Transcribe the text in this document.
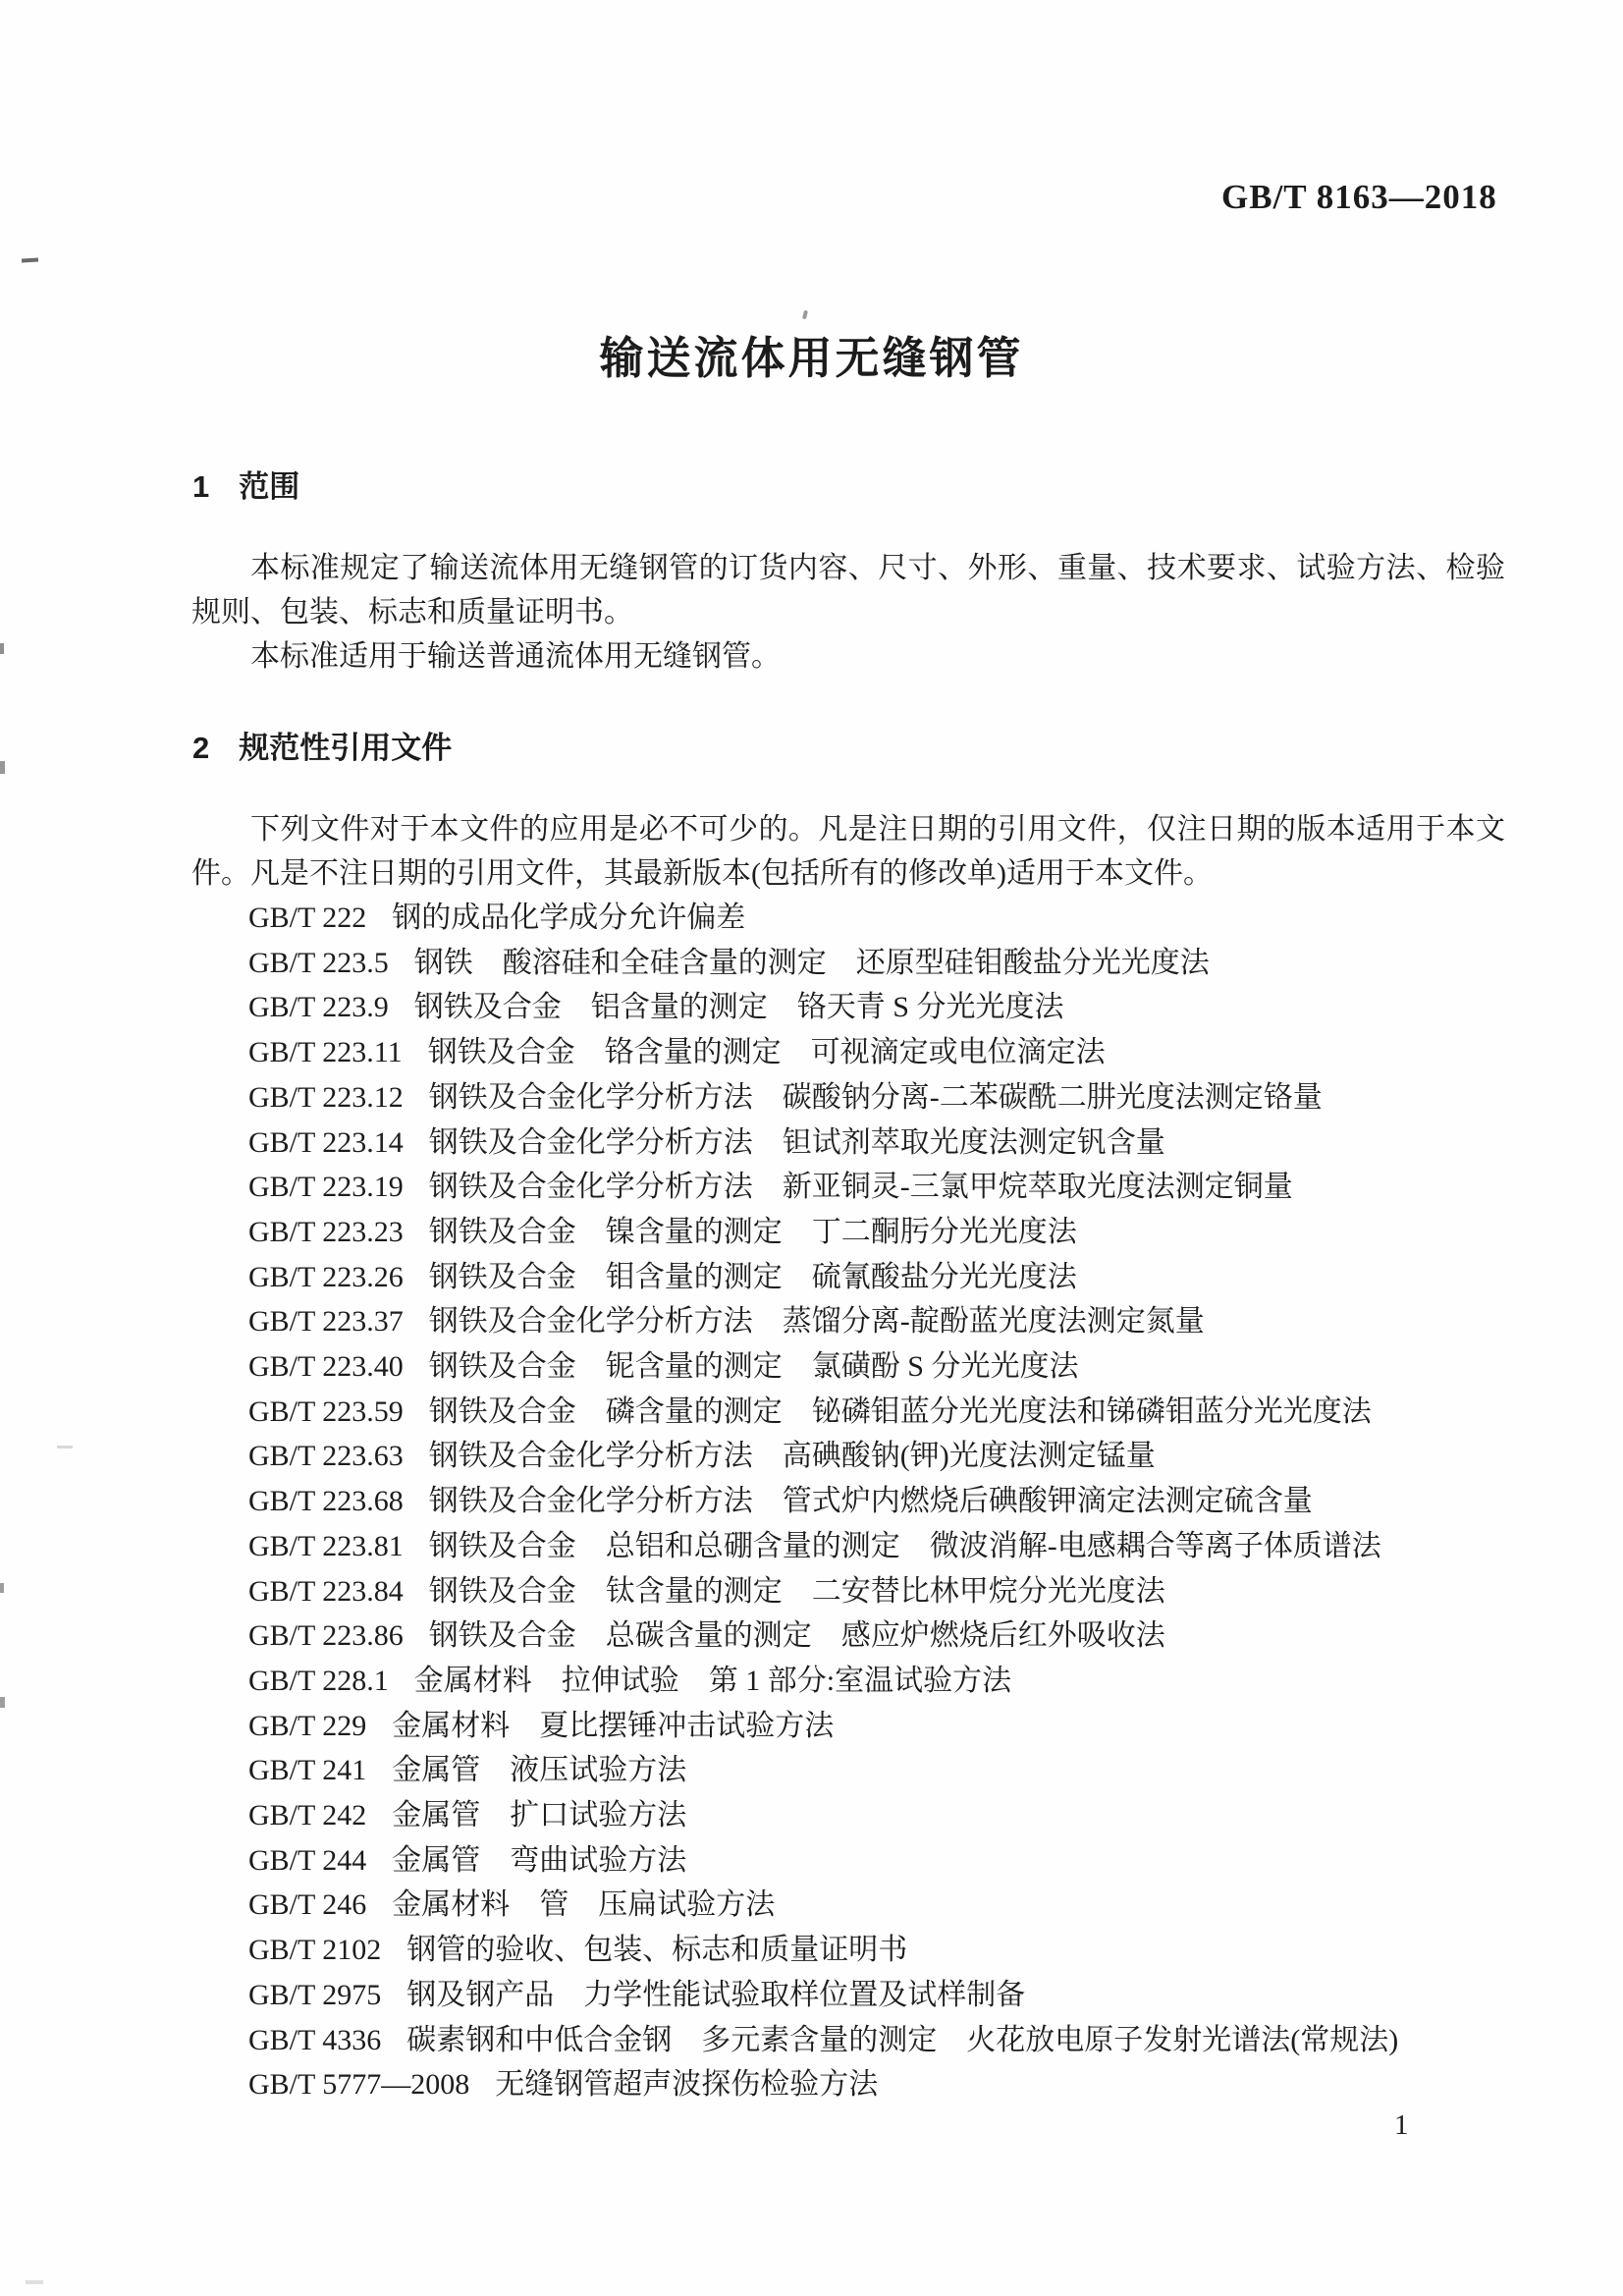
GB/T 8163—2018
输送流体用无缝钢管
1 范围

本标准规定了输送流体用无缝钢管的订货内容、尺寸、外形、重量、技术要求、试验方法、检验规则、包装、标志和质量证明书。

本标准适用于输送普通流体用无缝钢管。

2 规范性引用文件

下列文件对于本文件的应用是必不可少的。凡是注日期的引用文件，仅注日期的版本适用于本文件。凡是不注日期的引用文件，其最新版本(包括所有的修改单)适用于本文件。

GB/T 222 钢的成品化学成分允许偏差
GB/T 223.5 钢铁　酸溶硅和全硅含量的测定　还原型硅钼酸盐分光光度法
GB/T 223.9 钢铁及合金　铝含量的测定　铬天青 S 分光光度法
GB/T 223.11 钢铁及合金　铬含量的测定　可视滴定或电位滴定法
GB/T 223.12 钢铁及合金化学分析方法　碳酸钠分离-二苯碳酰二肼光度法测定铬量
GB/T 223.14 钢铁及合金化学分析方法　钽试剂萃取光度法测定钒含量
GB/T 223.19 钢铁及合金化学分析方法　新亚铜灵-三氯甲烷萃取光度法测定铜量
GB/T 223.23 钢铁及合金　镍含量的测定　丁二酮肟分光光度法
GB/T 223.26 钢铁及合金　钼含量的测定　硫氰酸盐分光光度法
GB/T 223.37 钢铁及合金化学分析方法　蒸馏分离-靛酚蓝光度法测定氮量
GB/T 223.40 钢铁及合金　铌含量的测定　氯磺酚 S 分光光度法
GB/T 223.59 钢铁及合金　磷含量的测定　铋磷钼蓝分光光度法和锑磷钼蓝分光光度法
GB/T 223.63 钢铁及合金化学分析方法　高碘酸钠(钾)光度法测定锰量
GB/T 223.68 钢铁及合金化学分析方法　管式炉内燃烧后碘酸钾滴定法测定硫含量
GB/T 223.81 钢铁及合金　总铝和总硼含量的测定　微波消解-电感耦合等离子体质谱法
GB/T 223.84 钢铁及合金　钛含量的测定　二安替比林甲烷分光光度法
GB/T 223.86 钢铁及合金　总碳含量的测定　感应炉燃烧后红外吸收法
GB/T 228.1 金属材料　拉伸试验　第 1 部分:室温试验方法
GB/T 229 金属材料　夏比摆锤冲击试验方法
GB/T 241 金属管　液压试验方法
GB/T 242 金属管　扩口试验方法
GB/T 244 金属管　弯曲试验方法
GB/T 246 金属材料　管　压扁试验方法
GB/T 2102 钢管的验收、包装、标志和质量证明书
GB/T 2975 钢及钢产品　力学性能试验取样位置及试样制备
GB/T 4336 碳素钢和中低合金钢　多元素含量的测定　火花放电原子发射光谱法(常规法)
GB/T 5777—2008 无缝钢管超声波探伤检验方法
1
